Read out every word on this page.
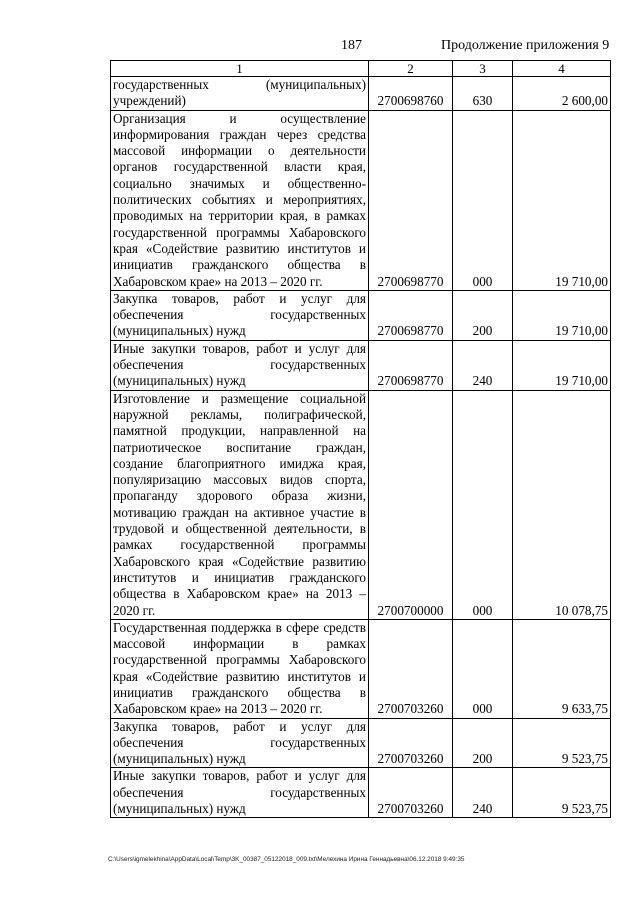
187	Продолжение приложения 9
1	2	3	4
государственных (муниципальных) учреждений)	2700698760	630	2 600,00
Организация и осуществление информирования граждан через средства массовой информации о деятельности органов государственной власти края, социально значимых и общественно-политических событиях и мероприятиях, проводимых на территории края, в рамках государственной программы Хабаровского края «Содействие развитию институтов и инициатив гражданского общества в Хабаровском крае» на 2013 – 2020 гг.	2700698770	000	19 710,00
Закупка товаров, работ и услуг для обеспечения государственных (муниципальных) нужд	2700698770	200	19 710,00
Иные закупки товаров, работ и услуг для обеспечения государственных (муниципальных) нужд	2700698770	240	19 710,00
Изготовление и размещение социальной наружной рекламы, полиграфической, памятной продукции, направленной на патриотическое воспитание граждан, создание благоприятного имиджа края, популяризацию массовых видов спорта, пропаганду здорового образа жизни, мотивацию граждан на активное участие в трудовой и общественной деятельности, в рамках государственной программы Хабаровского края «Содействие развитию институтов и инициатив гражданского общества в Хабаровском крае» на 2013 – 2020 гг.	2700700000	000	10 078,75
Государственная поддержка в сфере средств массовой информации в рамках государственной программы Хабаровского края «Содействие развитию институтов и инициатив гражданского общества в Хабаровском крае» на 2013 – 2020 гг.	2700703260	000	9 633,75
Закупка товаров, работ и услуг для обеспечения государственных (муниципальных) нужд	2700703260	200	9 523,75
Иные закупки товаров, работ и услуг для обеспечения государственных (муниципальных) нужд	2700703260	240	9 523,75
C:\Users\igmelekhina\AppData\Local\Temp\3K_00387_05122018_009.txt\Мелехина Ирина Геннадьевна\06.12.2018 9:49:35
